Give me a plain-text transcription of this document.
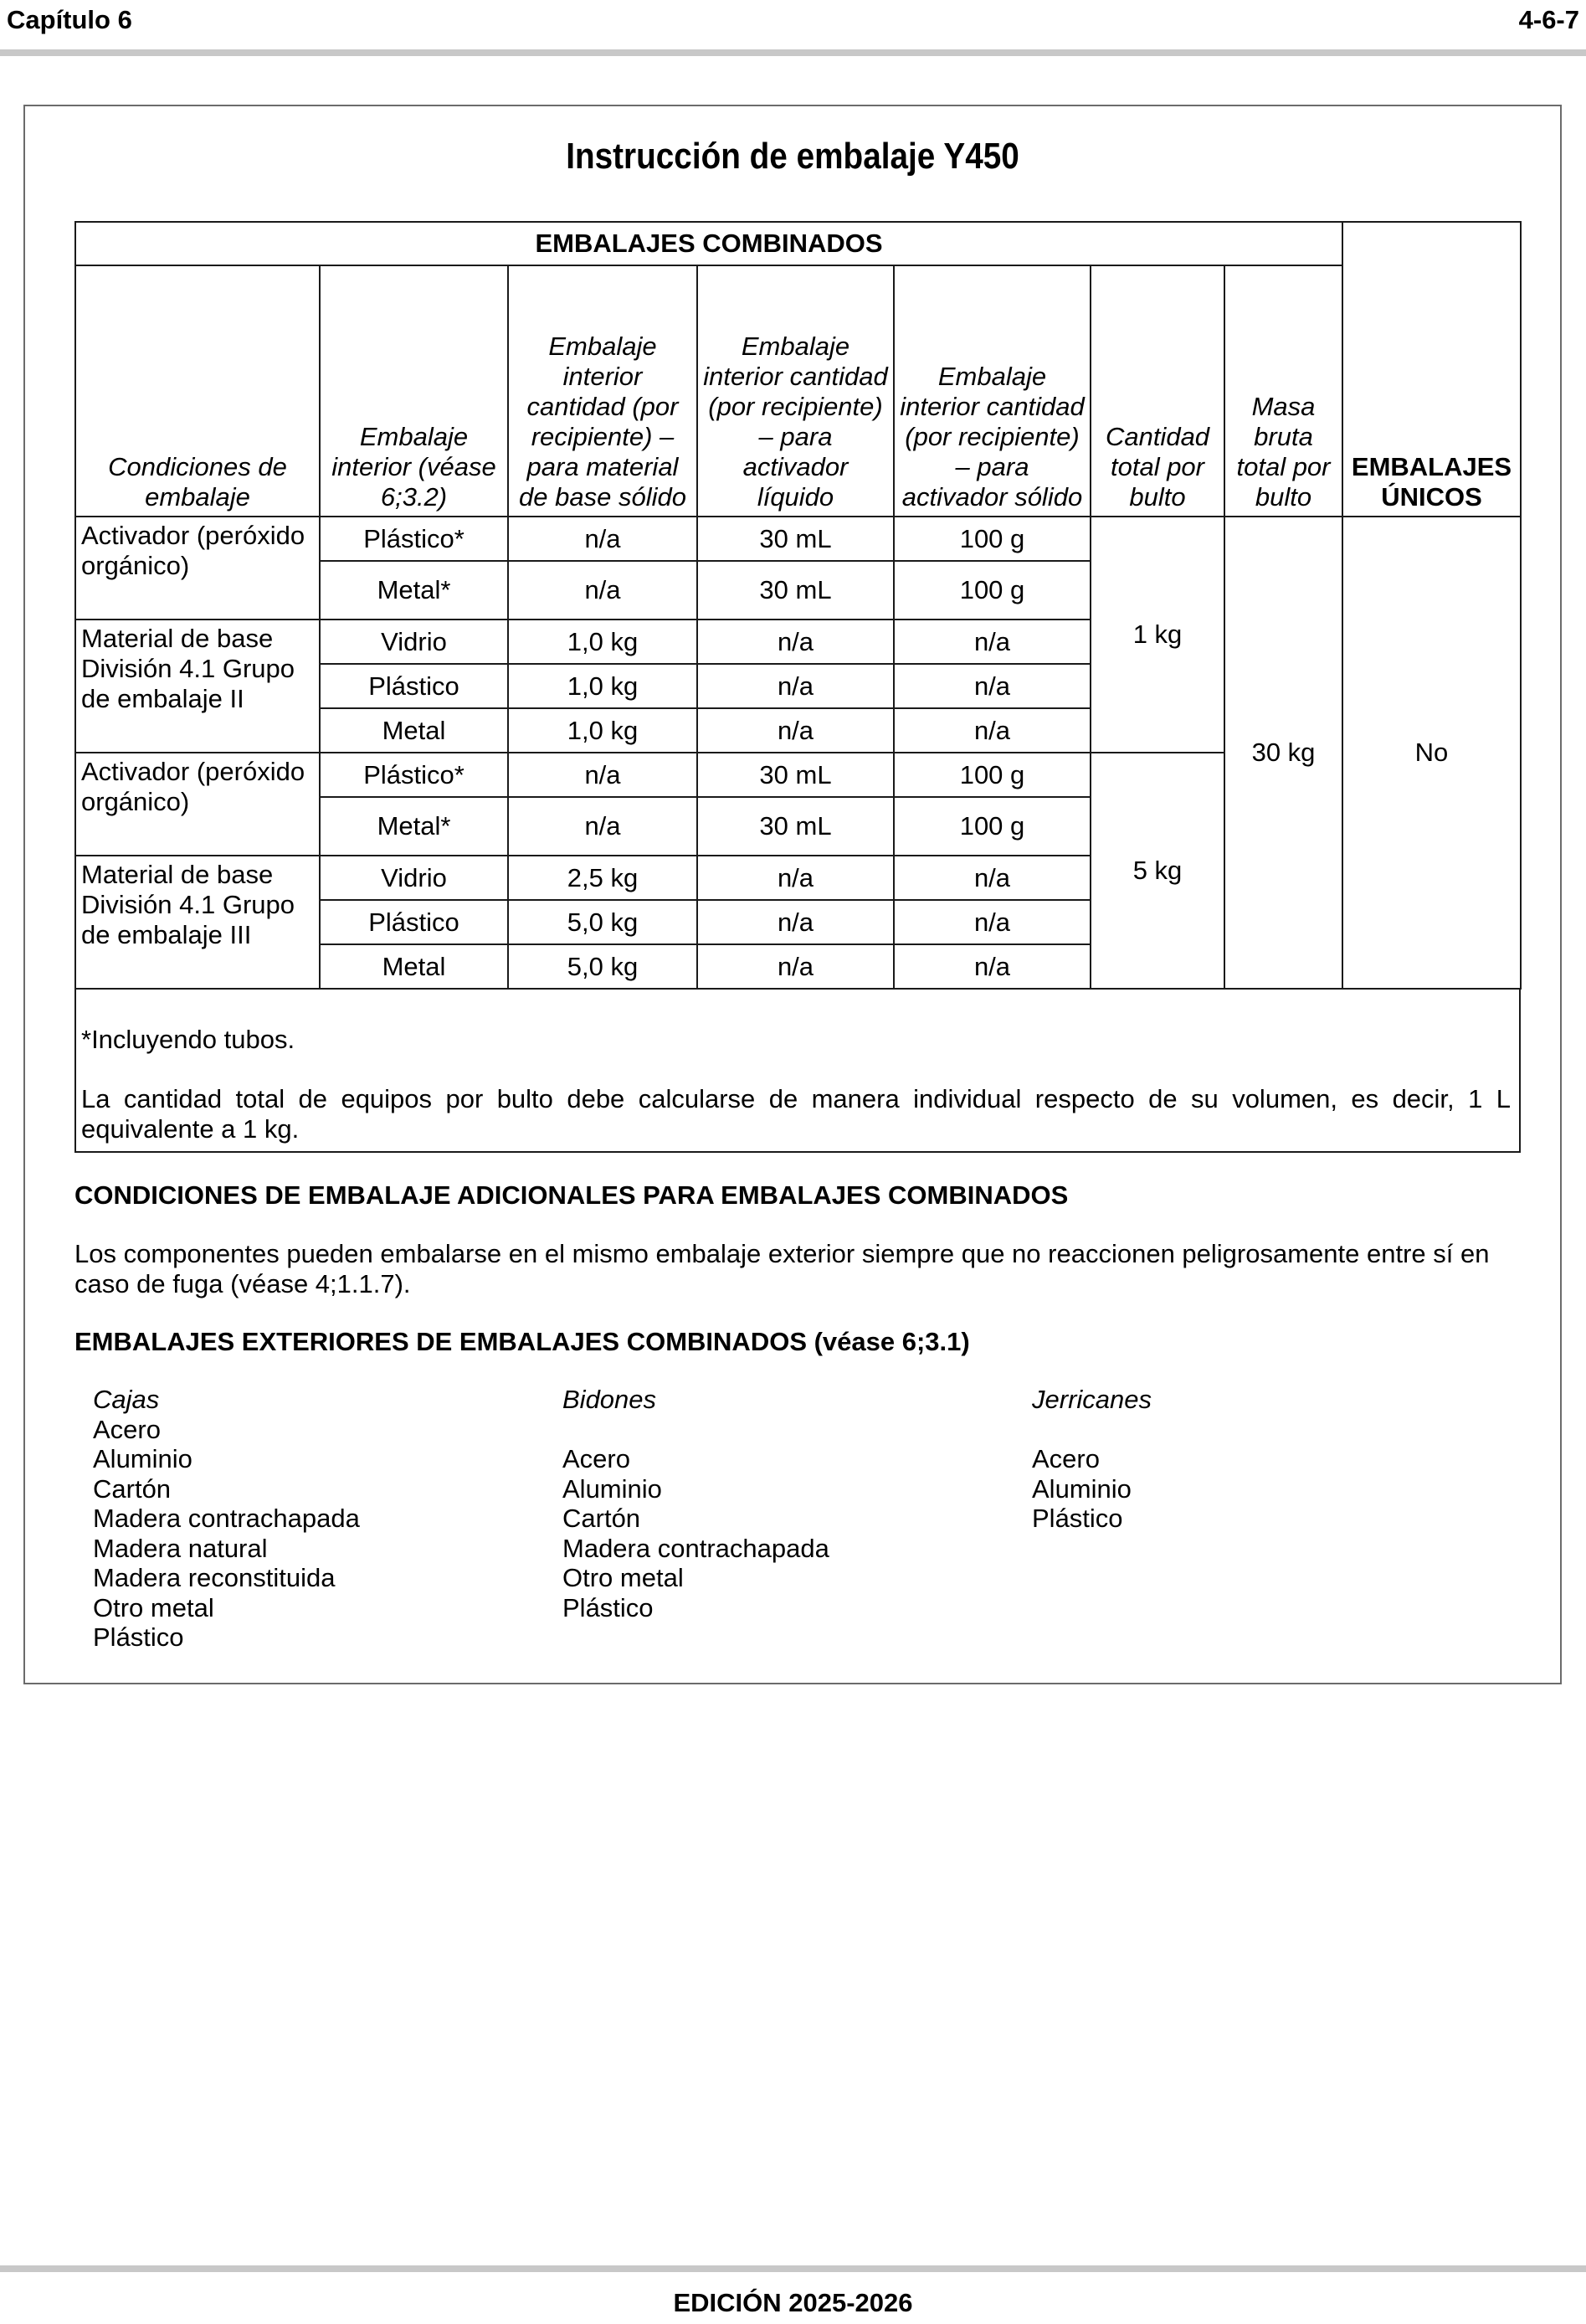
Capítulo 6	4-6-7
Instrucción de embalaje Y450
EMBALAJES COMBINADOS							EMBALAJES ÚNICOS
Condiciones de embalaje	Embalaje interior (véase 6;3.2)	Embalaje interior cantidad (por recipiente) – para material de base sólido	Embalaje interior cantidad (por recipiente) – para activador líquido	Embalaje interior cantidad (por recipiente) – para activador sólido	Cantidad total por bulto	Masa bruta total por bulto	
Activador (peróxido orgánico)	Plástico*	n/a	30 mL	100 g	1 kg	30 kg	No
	Metal*	n/a	30 mL	100 g			
Material de base División 4.1 Grupo de embalaje II	Vidrio	1,0 kg	n/a	n/a			
	Plástico	1,0 kg	n/a	n/a			
	Metal	1,0 kg	n/a	n/a			
Activador (peróxido orgánico)	Plástico*	n/a	30 mL	100 g	5 kg		
	Metal*	n/a	30 mL	100 g			
Material de base División 4.1 Grupo de embalaje III	Vidrio	2,5 kg	n/a	n/a			
	Plástico	5,0 kg	n/a	n/a			
	Metal	5,0 kg	n/a	n/a			
*Incluyendo tubos.
La cantidad total de equipos por bulto debe calcularse de manera individual respecto de su volumen, es decir, 1 L equivalente a 1 kg.
CONDICIONES DE EMBALAJE ADICIONALES PARA EMBALAJES COMBINADOS
Los componentes pueden embalarse en el mismo embalaje exterior siempre que no reaccionen peligrosamente entre sí en caso de fuga (véase 4;1.1.7).
EMBALAJES EXTERIORES DE EMBALAJES COMBINADOS (véase 6;3.1)
Cajas
Acero
Aluminio
Cartón
Madera contrachapada
Madera natural
Madera reconstituida
Otro metal
Plástico
Bidones

Acero
Aluminio
Cartón
Madera contrachapada
Otro metal
Plástico
Jerricanes

Acero
Aluminio
Plástico
EDICIÓN 2025-2026
